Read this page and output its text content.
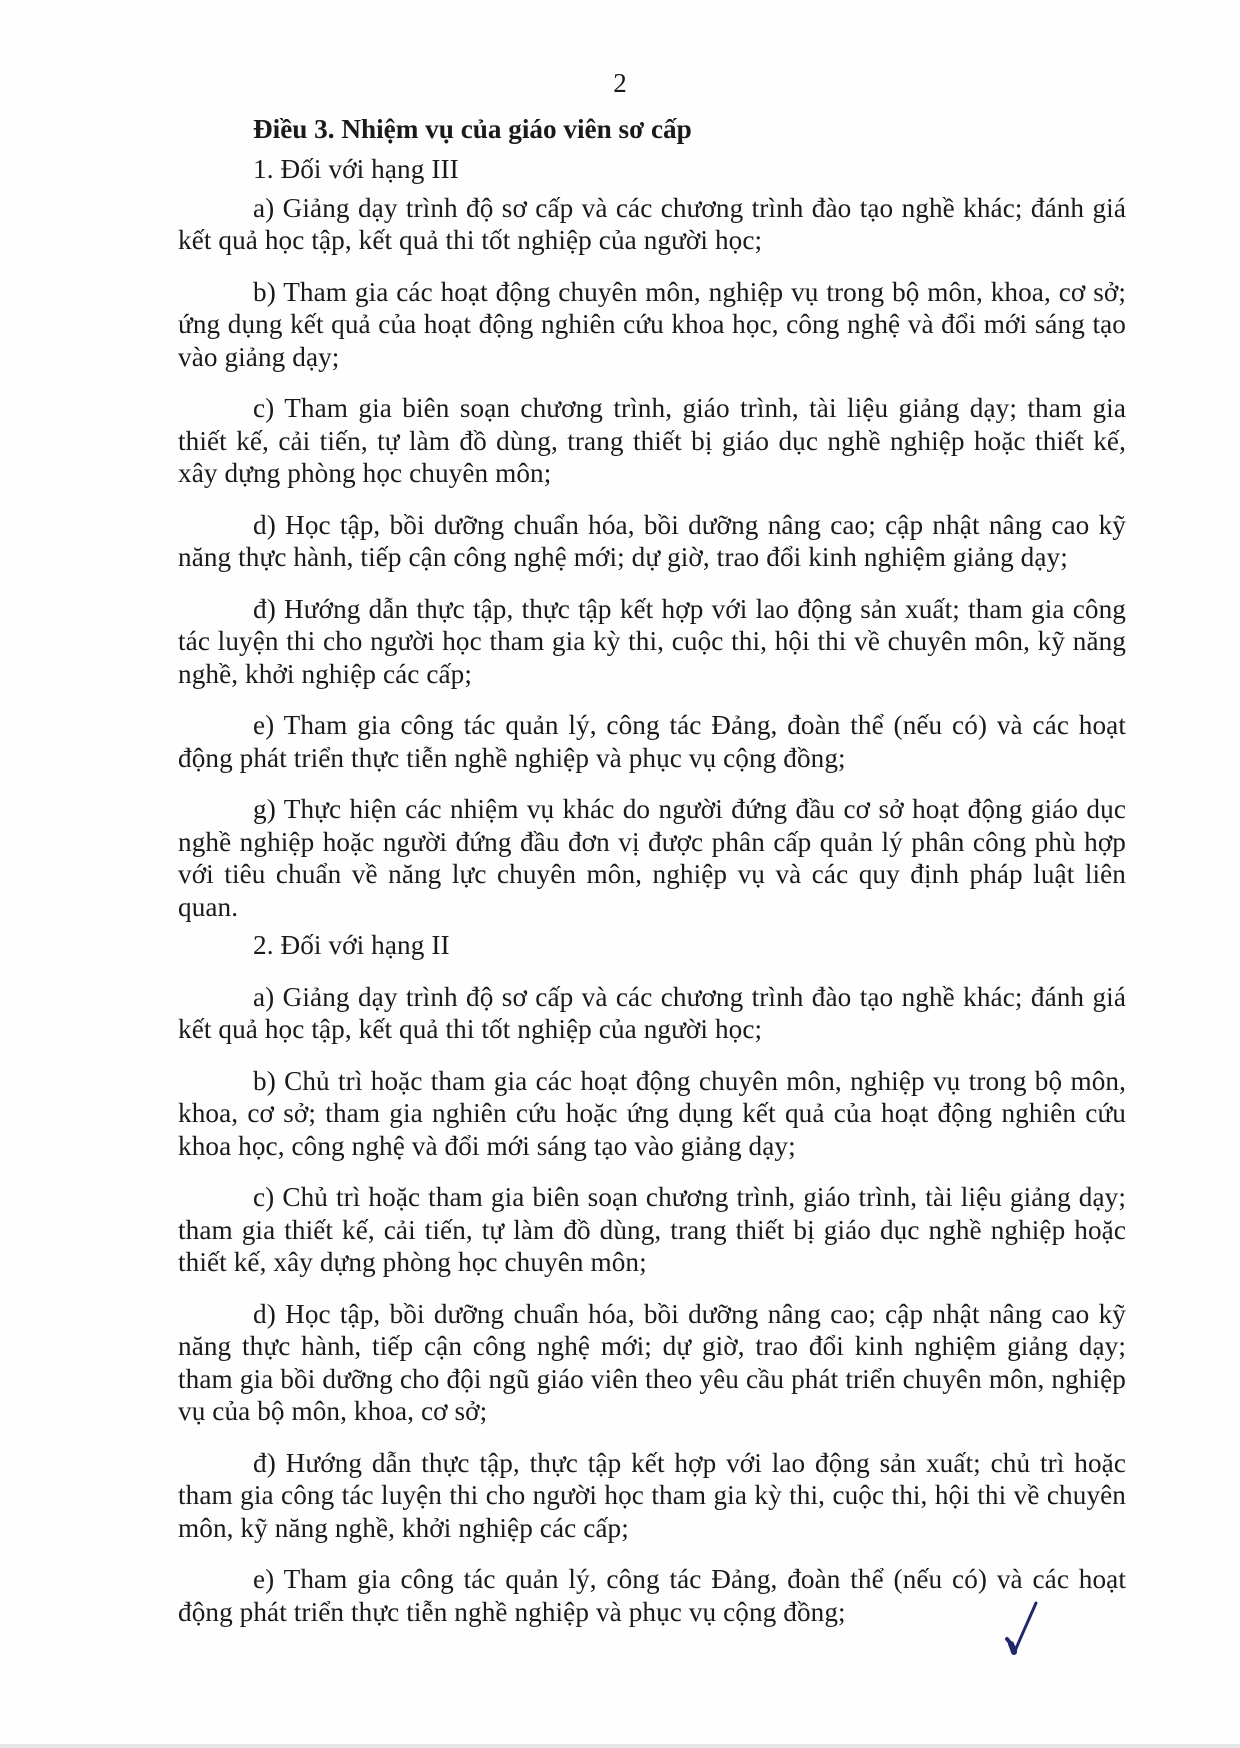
2

Điều 3. Nhiệm vụ của giáo viên sơ cấp

1. Đối với hạng III

a) Giảng dạy trình độ sơ cấp và các chương trình đào tạo nghề khác; đánh giá kết quả học tập, kết quả thi tốt nghiệp của người học;

b) Tham gia các hoạt động chuyên môn, nghiệp vụ trong bộ môn, khoa, cơ sở; ứng dụng kết quả của hoạt động nghiên cứu khoa học, công nghệ và đổi mới sáng tạo vào giảng dạy;

c) Tham gia biên soạn chương trình, giáo trình, tài liệu giảng dạy; tham gia thiết kế, cải tiến, tự làm đồ dùng, trang thiết bị giáo dục nghề nghiệp hoặc thiết kế, xây dựng phòng học chuyên môn;

d) Học tập, bồi dưỡng chuẩn hóa, bồi dưỡng nâng cao; cập nhật nâng cao kỹ năng thực hành, tiếp cận công nghệ mới; dự giờ, trao đổi kinh nghiệm giảng dạy;

đ) Hướng dẫn thực tập, thực tập kết hợp với lao động sản xuất; tham gia công tác luyện thi cho người học tham gia kỳ thi, cuộc thi, hội thi về chuyên môn, kỹ năng nghề, khởi nghiệp các cấp;

e) Tham gia công tác quản lý, công tác Đảng, đoàn thể (nếu có) và các hoạt động phát triển thực tiễn nghề nghiệp và phục vụ cộng đồng;

g) Thực hiện các nhiệm vụ khác do người đứng đầu cơ sở hoạt động giáo dục nghề nghiệp hoặc người đứng đầu đơn vị được phân cấp quản lý phân công phù hợp với tiêu chuẩn về năng lực chuyên môn, nghiệp vụ và các quy định pháp luật liên quan.

2. Đối với hạng II

a) Giảng dạy trình độ sơ cấp và các chương trình đào tạo nghề khác; đánh giá kết quả học tập, kết quả thi tốt nghiệp của người học;

b) Chủ trì hoặc tham gia các hoạt động chuyên môn, nghiệp vụ trong bộ môn, khoa, cơ sở; tham gia nghiên cứu hoặc ứng dụng kết quả của hoạt động nghiên cứu khoa học, công nghệ và đổi mới sáng tạo vào giảng dạy;

c) Chủ trì hoặc tham gia biên soạn chương trình, giáo trình, tài liệu giảng dạy; tham gia thiết kế, cải tiến, tự làm đồ dùng, trang thiết bị giáo dục nghề nghiệp hoặc thiết kế, xây dựng phòng học chuyên môn;

d) Học tập, bồi dưỡng chuẩn hóa, bồi dưỡng nâng cao; cập nhật nâng cao kỹ năng thực hành, tiếp cận công nghệ mới; dự giờ, trao đổi kinh nghiệm giảng dạy; tham gia bồi dưỡng cho đội ngũ giáo viên theo yêu cầu phát triển chuyên môn, nghiệp vụ của bộ môn, khoa, cơ sở;

đ) Hướng dẫn thực tập, thực tập kết hợp với lao động sản xuất; chủ trì hoặc tham gia công tác luyện thi cho người học tham gia kỳ thi, cuộc thi, hội thi về chuyên môn, kỹ năng nghề, khởi nghiệp các cấp;

e) Tham gia công tác quản lý, công tác Đảng, đoàn thể (nếu có) và các hoạt động phát triển thực tiễn nghề nghiệp và phục vụ cộng đồng;
